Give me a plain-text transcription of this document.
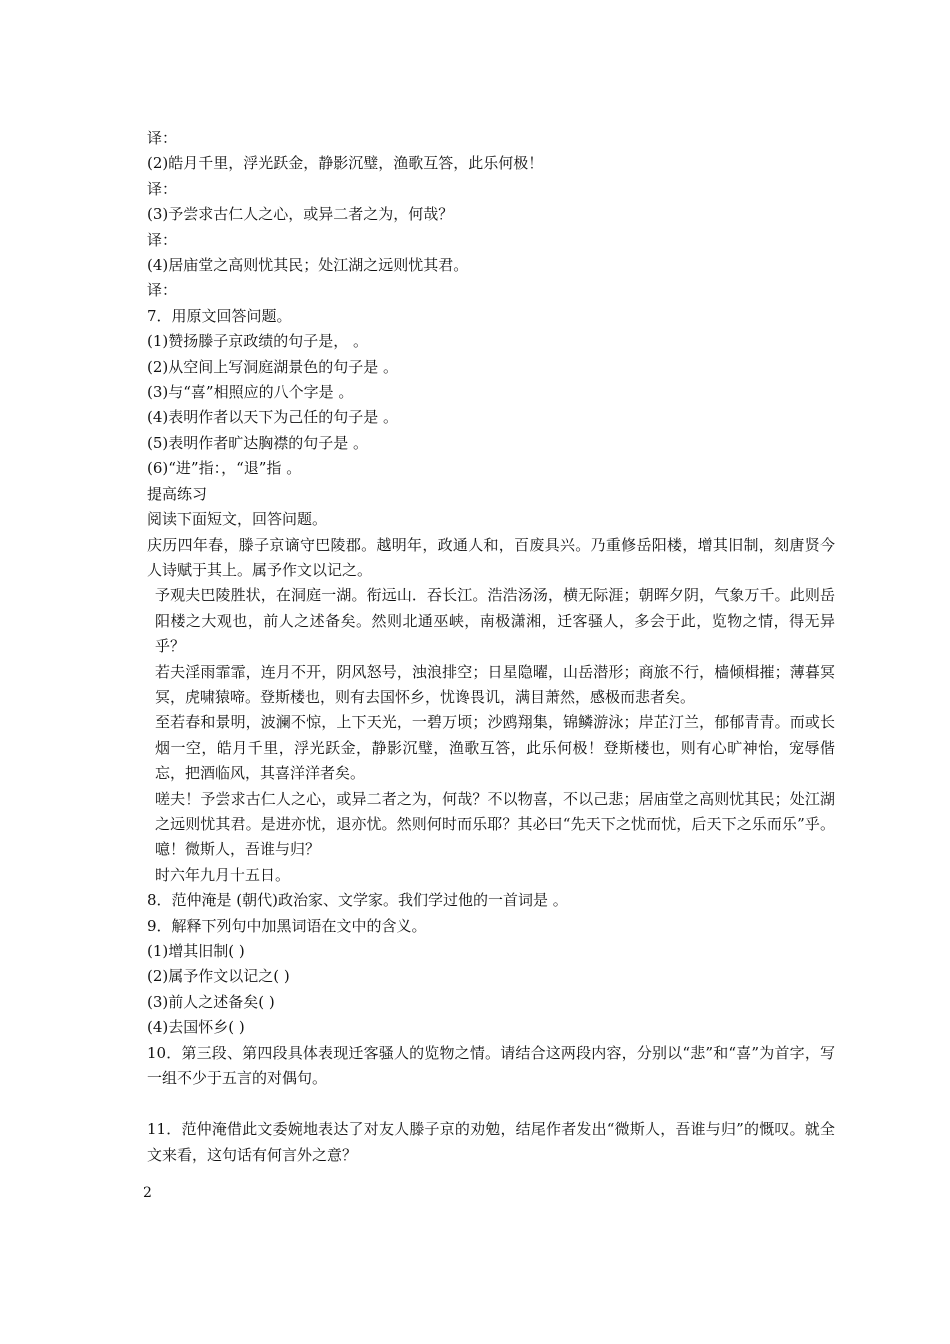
译：
(2)皓月千里，浮光跃金，静影沉璧，渔歌互答，此乐何极！
译：
(3)予尝求古仁人之心，或异二者之为，何哉？
译：
(4)居庙堂之高则忧其民；处江湖之远则忧其君。
译：
7．用原文回答问题。
(1)赞扬滕子京政绩的句子是， 。
(2)从空间上写洞庭湖景色的句子是 。
(3)与“喜”相照应的八个字是 。
(4)表明作者以天下为己任的句子是 。
(5)表明作者旷达胸襟的句子是 。
(6)“进”指：，“退”指 。
提高练习
阅读下面短文，回答问题。
庆历四年春，滕子京谪守巴陵郡。越明年，政通人和，百废具兴。乃重修岳阳楼，增其旧制，刻唐贤今人诗赋于其上。属予作文以记之。
予观夫巴陵胜状，在洞庭一湖。衔远山．吞长江。浩浩汤汤，横无际涯；朝晖夕阴，气象万千。此则岳阳楼之大观也，前人之述备矣。然则北通巫峡，南极潇湘，迁客骚人，多会于此，览物之情，得无异乎？
若夫淫雨霏霏，连月不开，阴风怒号，浊浪排空；日星隐曜，山岳潜形；商旅不行，樯倾楫摧；薄暮冥冥，虎啸猿啼。登斯楼也，则有去国怀乡，忧谗畏讥，满目萧然，感极而悲者矣。
至若春和景明，波澜不惊，上下天光，一碧万顷；沙鸥翔集，锦鳞游泳；岸芷汀兰，郁郁青青。而或长烟一空，皓月千里，浮光跃金，静影沉璧，渔歌互答，此乐何极！登斯楼也，则有心旷神怡，宠辱偕忘，把酒临风，其喜洋洋者矣。
嗟夫！予尝求古仁人之心，或异二者之为，何哉？不以物喜，不以己悲；居庙堂之高则忧其民；处江湖之远则忧其君。是进亦忧，退亦忧。然则何时而乐耶？其必曰“先天下之忧而忧，后天下之乐而乐”乎。噫！微斯人，吾谁与归？
时六年九月十五日。
8．范仲淹是 (朝代)政治家、文学家。我们学过他的一首词是 。
9．解释下列句中加黑词语在文中的含义。
(1)增其旧制( )
(2)属予作文以记之( )
(3)前人之述备矣( )
(4)去国怀乡( )
10．第三段、第四段具体表现迁客骚人的览物之情。请结合这两段内容，分别以“悲”和“喜”为首字，写一组不少于五言的对偶句。
11．范仲淹借此文委婉地表达了对友人滕子京的劝勉，结尾作者发出“微斯人，吾谁与归”的慨叹。就全文来看，这句话有何言外之意？
2
